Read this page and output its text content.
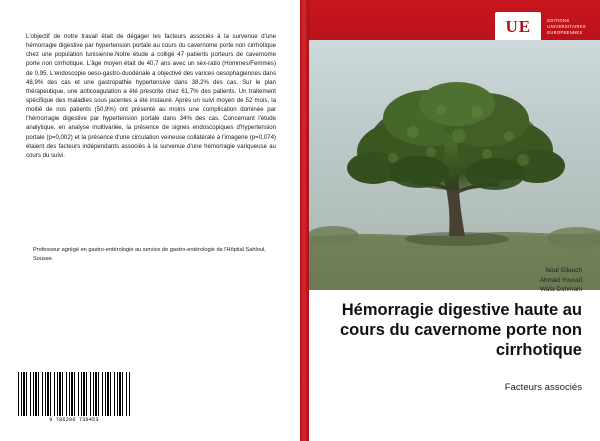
L'objectif de notre travail était de dégager les facteurs associés à la survenue d'une hémorragie digestive par hypertension portale au cours du cavernome porte non cirrhotique chez une population tunisienne.Notre étude a colligé 47 patients porteurs de cavernome porte non cirrhotique. L'âge moyen était de 40,7 ans avec un sex-ratio (Hommes/Femmes) de 0,95. L'endoscopie oeso-gastro-duodénale a objectivé des varices oesophagiennes dans 48,9% des cas et une gastropathie hypertensive dans 38,2% des cas. Sur le plan thérapeutique, une anticoagulation a été prescrite chez 61,7% des patients. Un traitement spécifique des maladies sous jacentes a été instauré. Après un suivi moyen de 52 mois, la moitié de nos patients (50,9%) ont présenté au moins une complication dominée par l'hémorragie digestive par hypertension portale dans 34% des cas. Concernant l'étude analytique, en analyse multivariée, la présence de signes endoscopiques d'hypertension portale (p=0,002) et la présence d'une circulation veineuse collatérale à l'imagerie (p=0,074) étaient des facteurs indépendants associés à la survenue d'une hémorragie variqueuse au cours du suivi.
Professeur agrégé en gastro-entérologie au service de gastro-entérologie de l'Hôpital Sahloul, Sousse.
9 786206 730453
UE	EDITIONS
UNIVERSITAIRES
EUROPEENNES
Nour Elleuch
Ahmad Youssfi
Wafa Dahmani
Hémorragie digestive haute au cours du cavernome porte non cirrhotique
Facteurs associés
